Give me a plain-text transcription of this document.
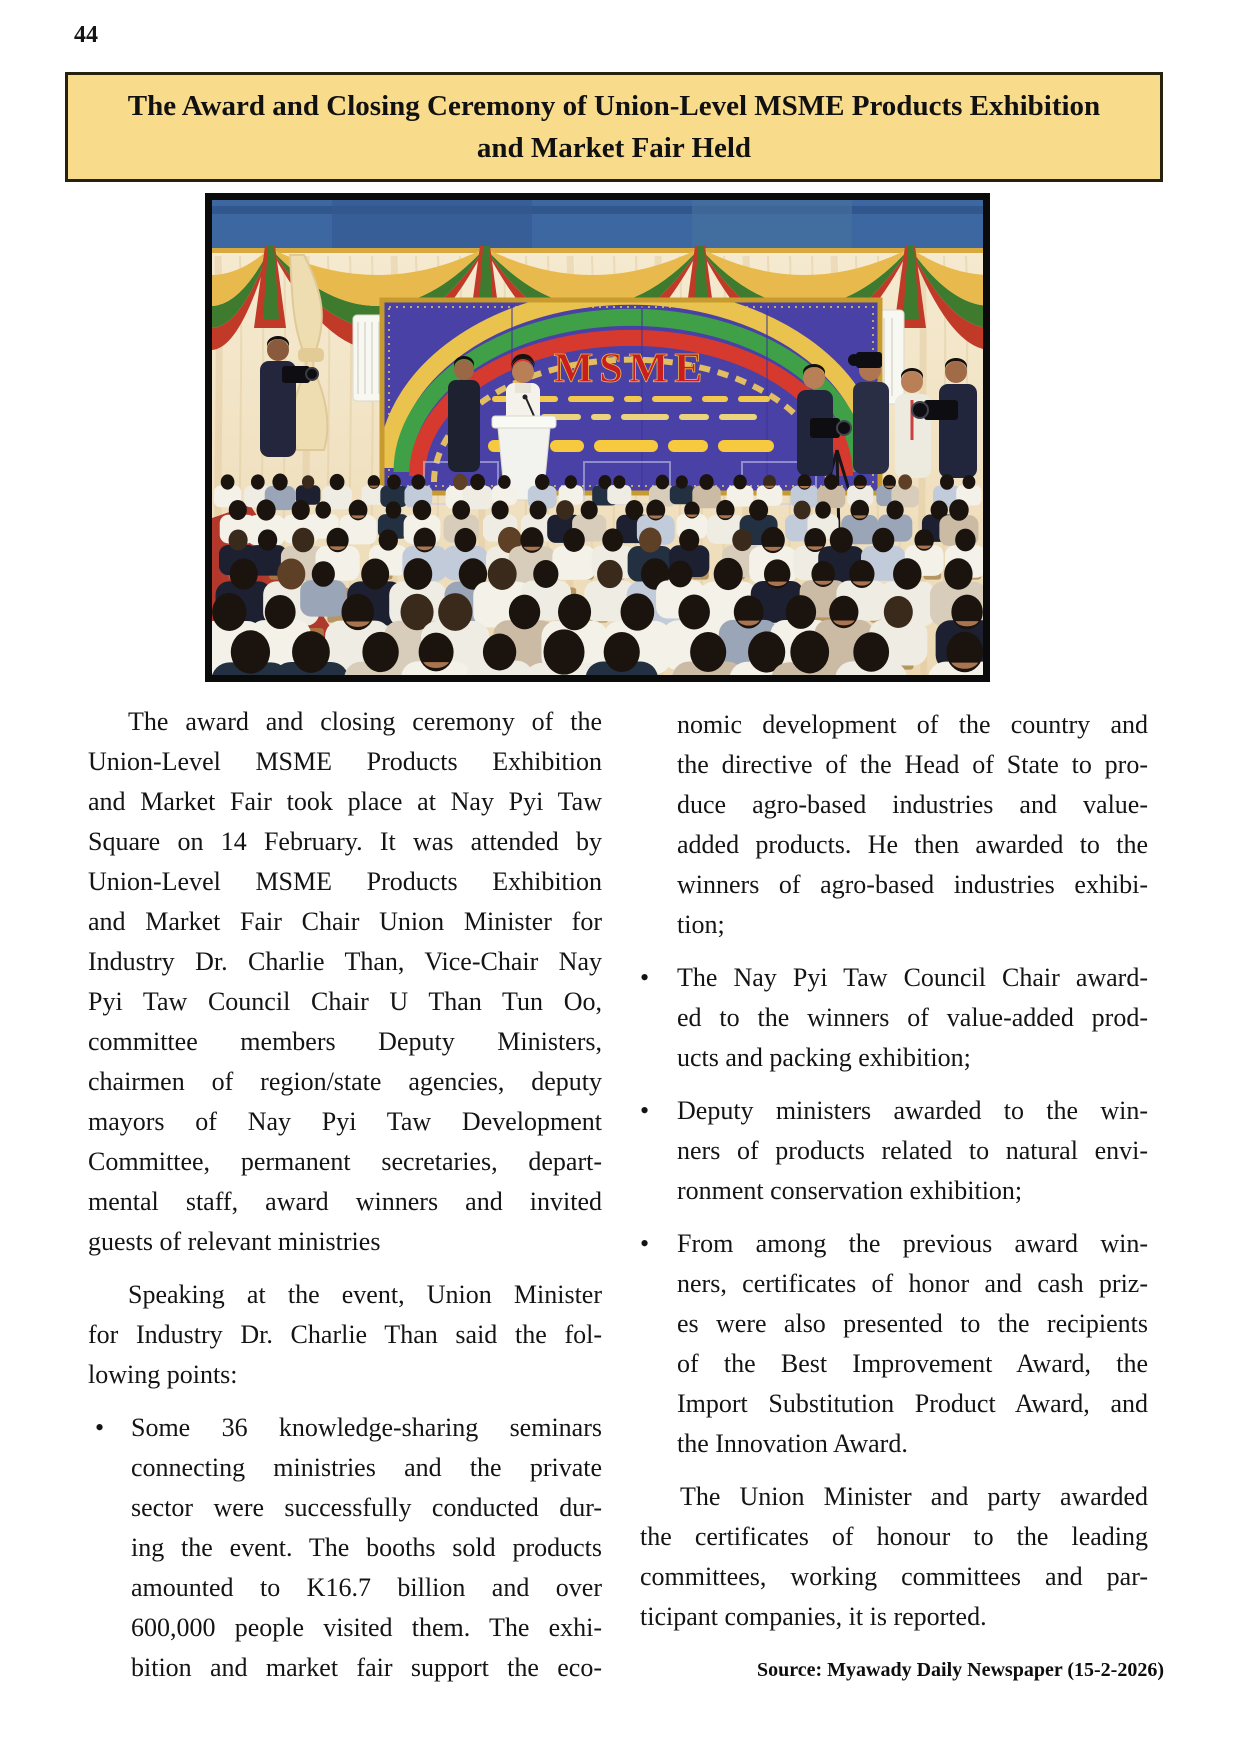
44
The Award and Closing Ceremony of Union-Level MSME Products Exhibition
and Market Fair Held
MSME
The award and closing ceremony of the
Union-Level MSME Products Exhibition
and Market Fair took place at Nay Pyi Taw
Square on 14 February. It was attended by
Union-Level MSME Products Exhibition
and Market Fair Chair Union Minister for
Industry Dr. Charlie Than, Vice-Chair Nay
Pyi Taw Council Chair U Than Tun Oo,
committee members Deputy Ministers,
chairmen of region/state agencies, deputy
mayors of Nay Pyi Taw Development
Committee, permanent secretaries, depart-
mental staff, award winners and invited
guests of relevant ministries
Speaking at the event, Union Minister
for Industry Dr. Charlie Than said the fol-
lowing points:
• Some 36 knowledge-sharing seminars
connecting ministries and the private
sector were successfully conducted dur-
ing the event. The booths sold products
amounted to K16.7 billion and over
600,000 people visited them. The exhi-
bition and market fair support the eco-
nomic development of the country and
the directive of the Head of State to pro-
duce agro-based industries and value-
added products. He then awarded to the
winners of agro-based industries exhibi-
tion;
• The Nay Pyi Taw Council Chair award-
ed to the winners of value-added prod-
ucts and packing exhibition;
• Deputy ministers awarded to the win-
ners of products related to natural envi-
ronment conservation exhibition;
• From among the previous award win-
ners, certificates of honor and cash priz-
es were also presented to the recipients
of the Best Improvement Award, the
Import Substitution Product Award, and
the Innovation Award.
The Union Minister and party awarded
the certificates of honour to the leading
committees, working committees and par-
ticipant companies, it is reported.
Source: Myawady Daily Newspaper (15-2-2026)
